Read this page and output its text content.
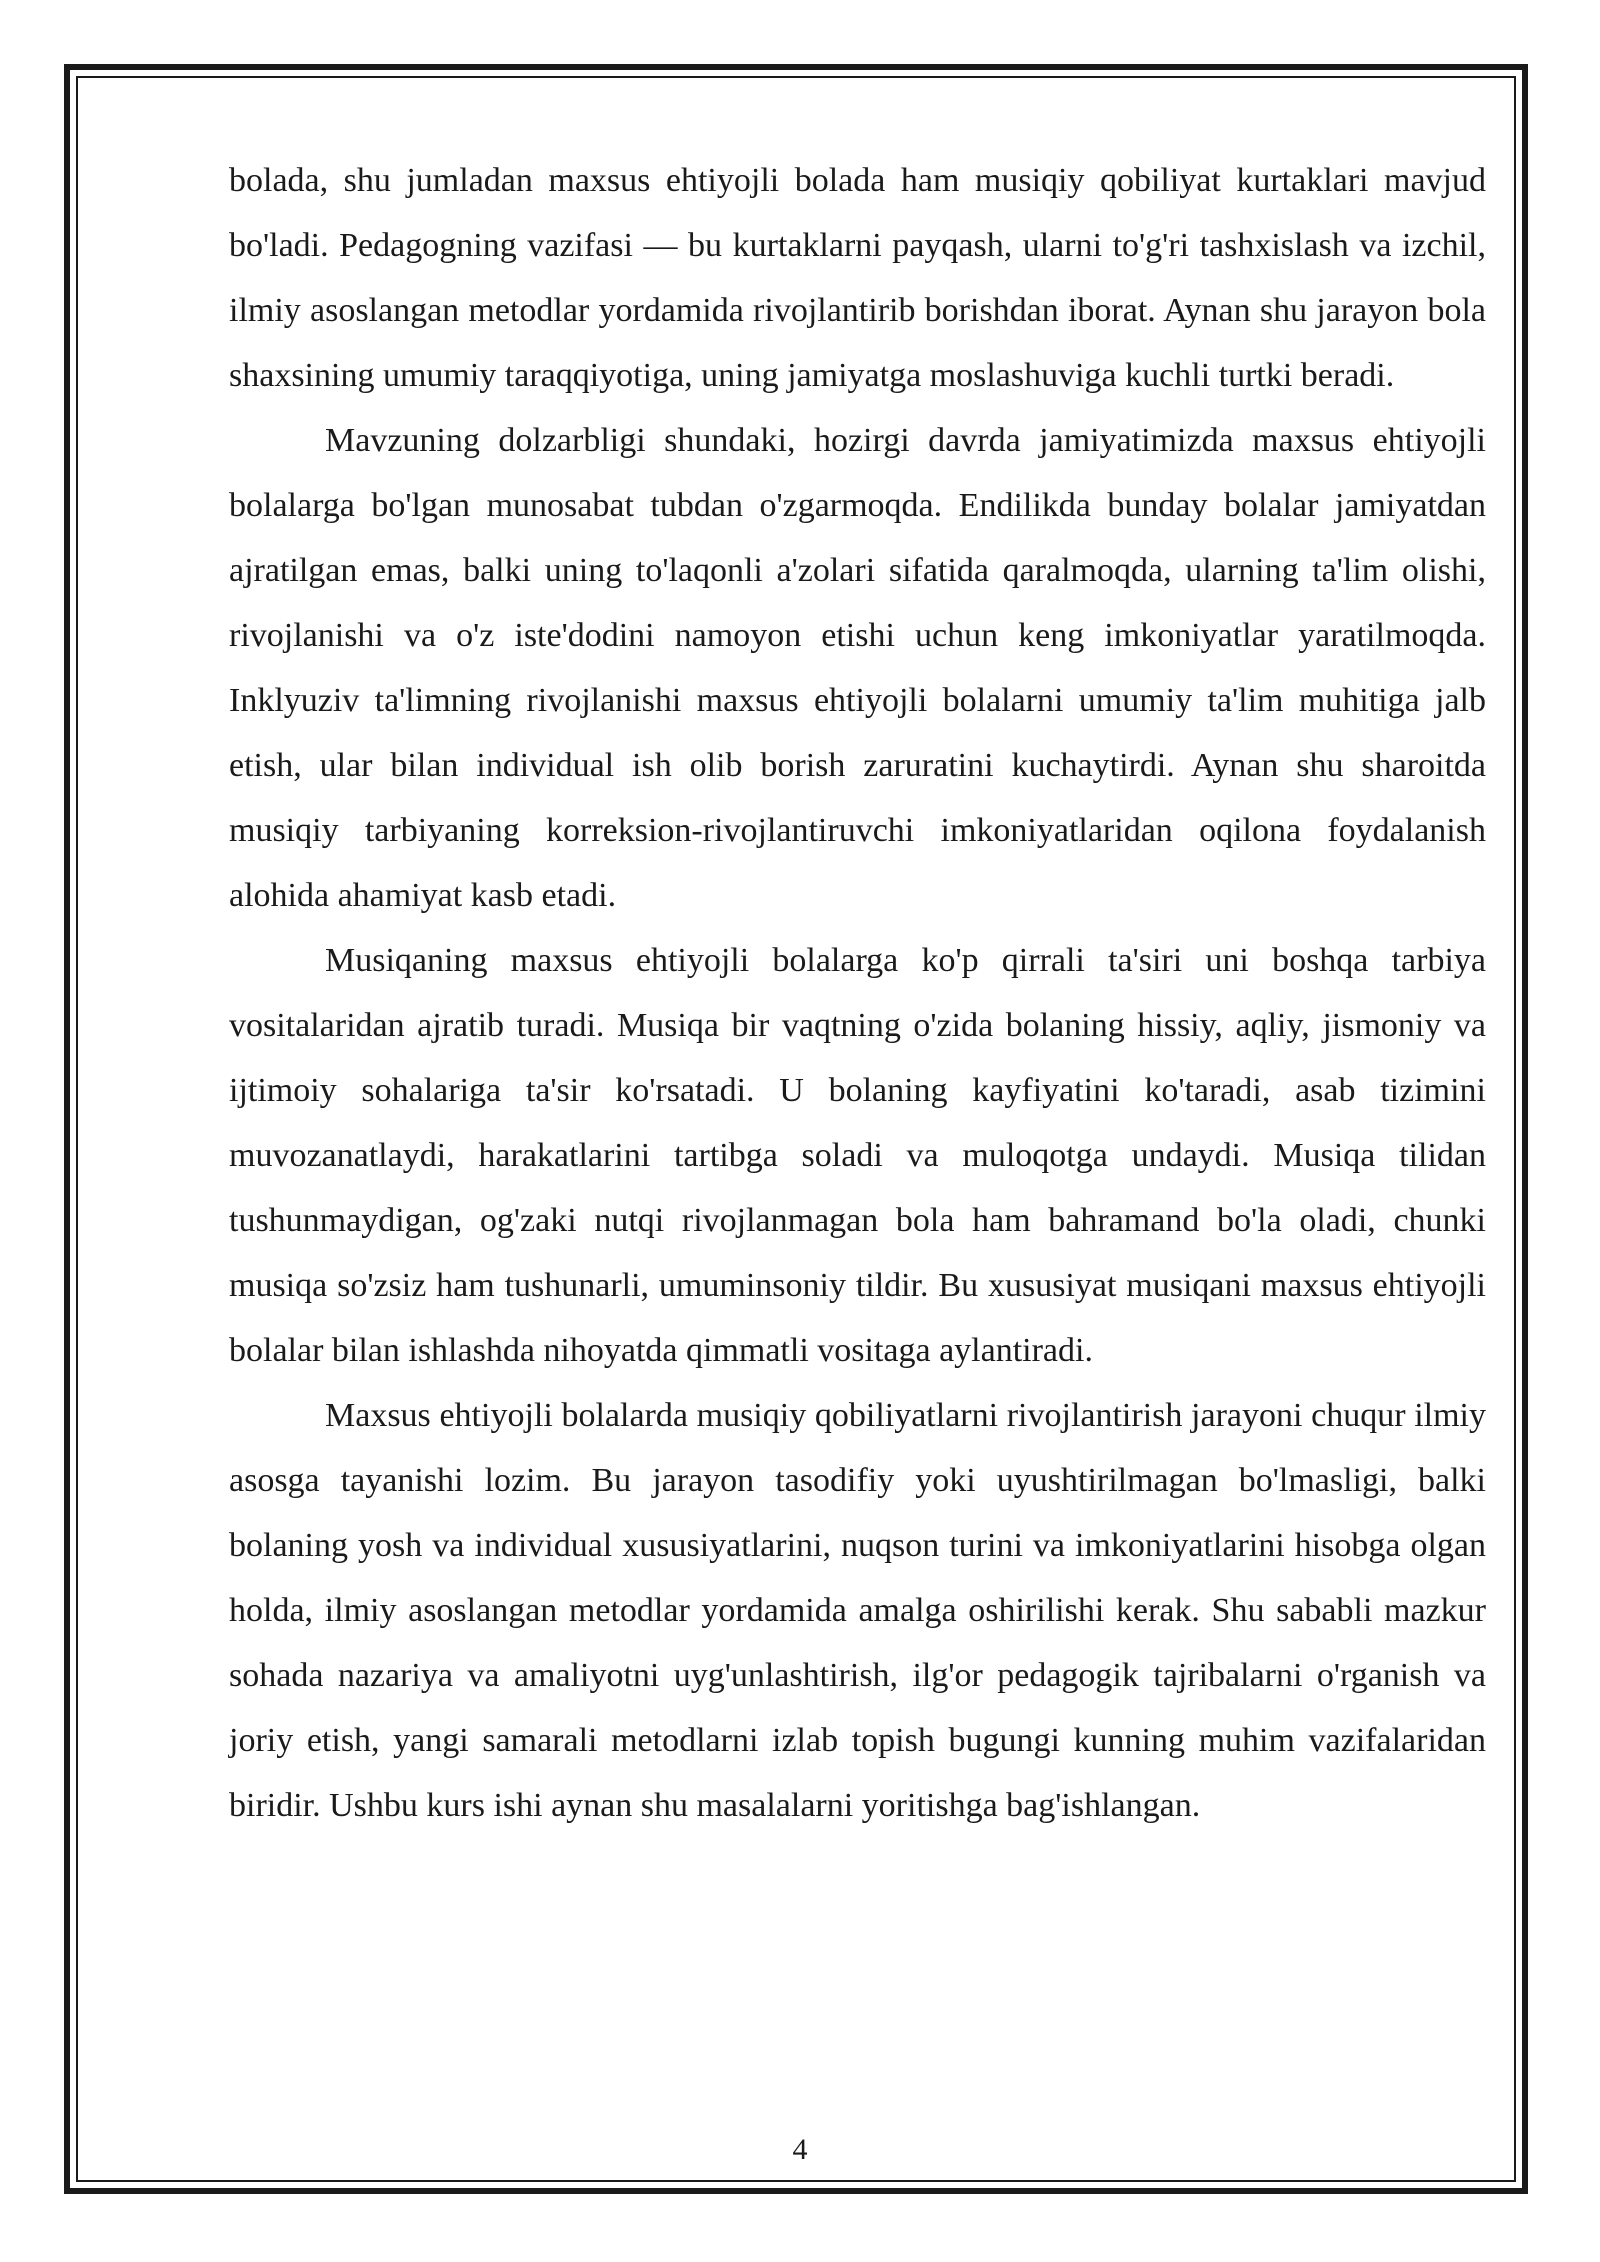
bolada, shu jumladan maxsus ehtiyojli bolada ham musiqiy qobiliyat kurtaklari mavjud bo'ladi. Pedagogning vazifasi — bu kurtaklarni payqash, ularni to'g'ri tashxislash va izchil, ilmiy asoslangan metodlar yordamida rivojlantirib borishdan iborat. Aynan shu jarayon bola shaxsining umumiy taraqqiyotiga, uning jamiyatga moslashuviga kuchli turtki beradi.

Mavzuning dolzarbligi shundaki, hozirgi davrda jamiyatimizda maxsus ehtiyojli bolalarga bo'lgan munosabat tubdan o'zgarmoqda. Endilikda bunday bolalar jamiyatdan ajratilgan emas, balki uning to'laqonli a'zolari sifatida qaralmoqda, ularning ta'lim olishi, rivojlanishi va o'z iste'dodini namoyon etishi uchun keng imkoniyatlar yaratilmoqda. Inklyuziv ta'limning rivojlanishi maxsus ehtiyojli bolalarni umumiy ta'lim muhitiga jalb etish, ular bilan individual ish olib borish zaruratini kuchaytirdi. Aynan shu sharoitda musiqiy tarbiyaning korreksion-rivojlantiruvchi imkoniyatlaridan oqilona foydalanish alohida ahamiyat kasb etadi.

Musiqaning maxsus ehtiyojli bolalarga ko'p qirrali ta'siri uni boshqa tarbiya vositalaridan ajratib turadi. Musiqa bir vaqtning o'zida bolaning hissiy, aqliy, jismoniy va ijtimoiy sohalariga ta'sir ko'rsatadi. U bolaning kayfiyatini ko'taradi, asab tizimini muvozanatlaydi, harakatlarini tartibga soladi va muloqotga undaydi. Musiqa tilidan tushunmaydigan, og'zaki nutqi rivojlanmagan bola ham bahramand bo'la oladi, chunki musiqa so'zsiz ham tushunarli, umuminsoniy tildir. Bu xususiyat musiqani maxsus ehtiyojli bolalar bilan ishlashda nihoyatda qimmatli vositaga aylantiradi.

Maxsus ehtiyojli bolalarda musiqiy qobiliyatlarni rivojlantirish jarayoni chuqur ilmiy asosga tayanishi lozim. Bu jarayon tasodifiy yoki uyushtirilmagan bo'lmasligi, balki bolaning yosh va individual xususiyatlarini, nuqson turini va imkoniyatlarini hisobga olgan holda, ilmiy asoslangan metodlar yordamida amalga oshirilishi kerak. Shu sababli mazkur sohada nazariya va amaliyotni uyg'unlashtirish, ilg'or pedagogik tajribalarni o'rganish va joriy etish, yangi samarali metodlarni izlab topish bugungi kunning muhim vazifalaridan biridir. Ushbu kurs ishi aynan shu masalalarni yoritishga bag'ishlangan.

4
